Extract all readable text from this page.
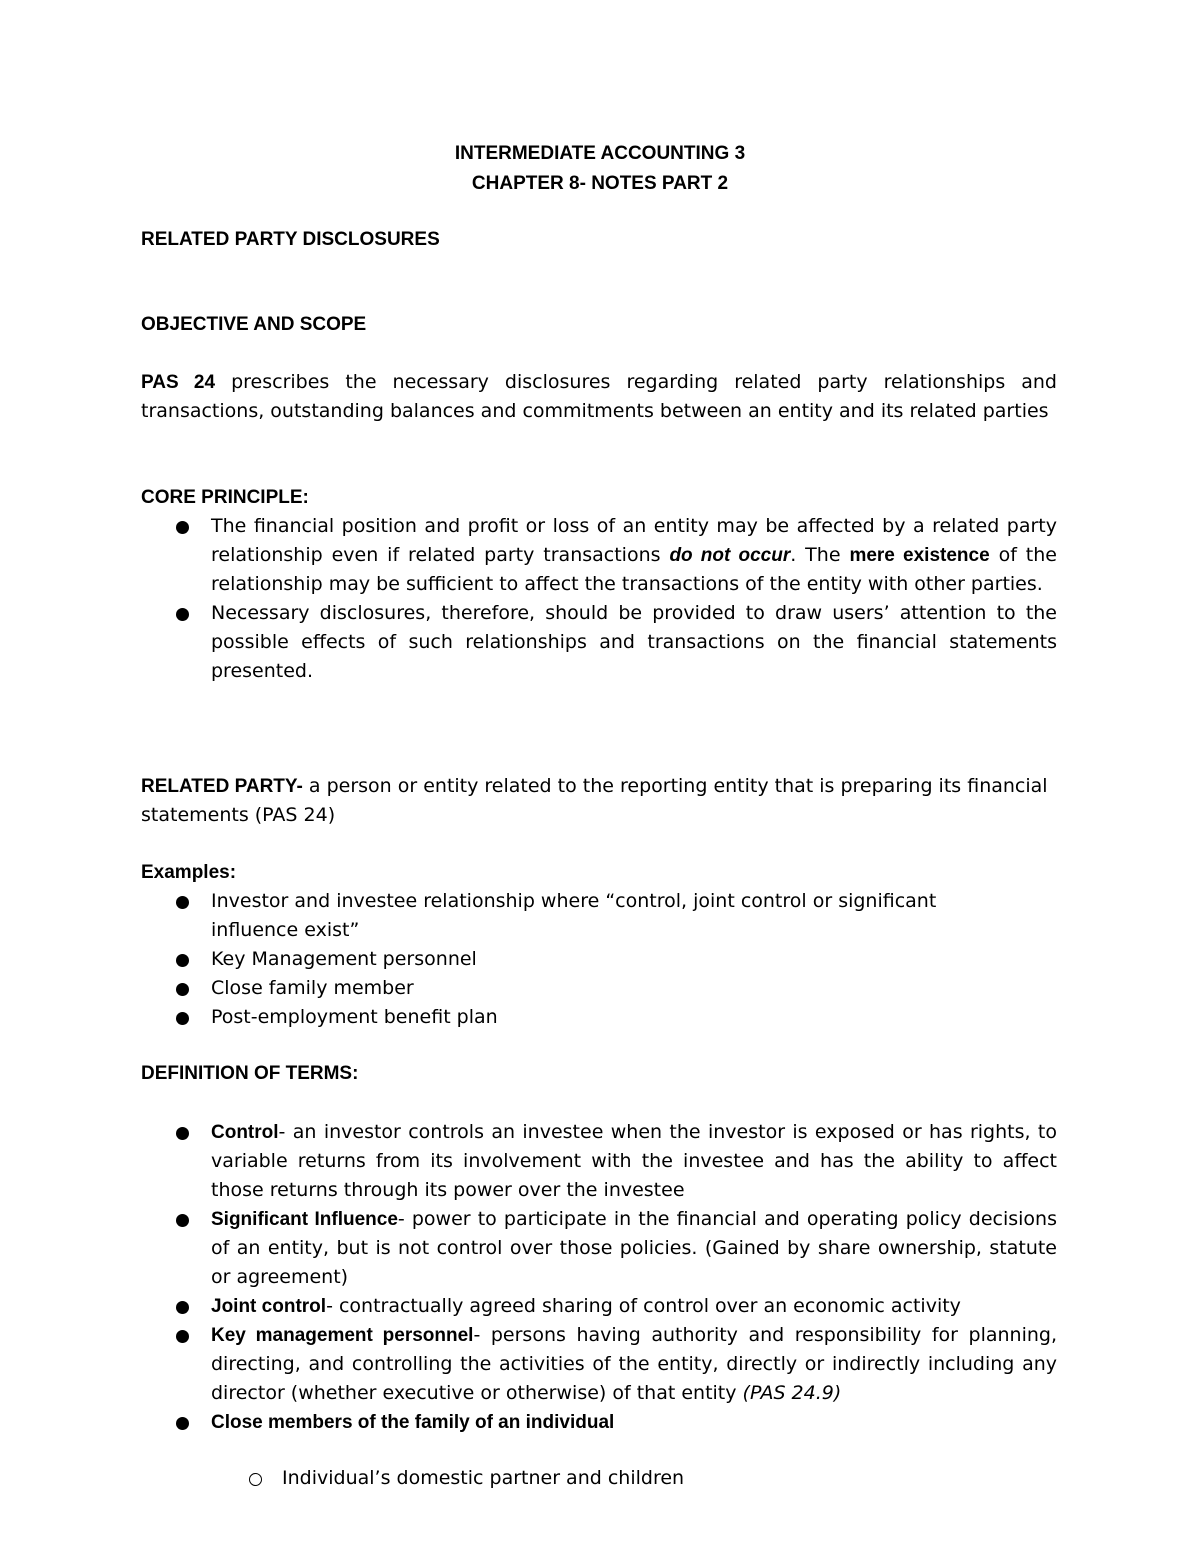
INTERMEDIATE ACCOUNTING 3
CHAPTER 8- NOTES PART 2
RELATED PARTY DISCLOSURES
OBJECTIVE AND SCOPE

PAS 24 prescribes the necessary disclosures regarding related party relationships and transactions, outstanding balances and commitments between an entity and its related parties

CORE PRINCIPLE:
The financial position and profit or loss of an entity may be affected by a related party relationship even if related party transactions do not occur. The mere existence of the relationship may be sufficient to affect the transactions of the entity with other parties.
Necessary disclosures, therefore, should be provided to draw users’ attention to the possible effects of such relationships and transactions on the financial statements presented.

RELATED PARTY- a person or entity related to the reporting entity that is preparing its financial statements (PAS 24)

Examples:
Investor and investee relationship where “control, joint control or significant influence exist”
Key Management personnel
Close family member
Post-employment benefit plan
DEFINITION OF TERMS:
Control- an investor controls an investee when the investor is exposed or has rights, to variable returns from its involvement with the investee and has the ability to affect those returns through its power over the investee
Significant Influence- power to participate in the financial and operating policy decisions of an entity, but is not control over those policies. (Gained by share ownership, statute or agreement)
Joint control- contractually agreed sharing of control over an economic activity
Key management personnel- persons having authority and responsibility for planning, directing, and controlling the activities of the entity, directly or indirectly including any director (whether executive or otherwise) of that entity (PAS 24.9)
Close members of the family of an individual
Individual’s domestic partner and children
